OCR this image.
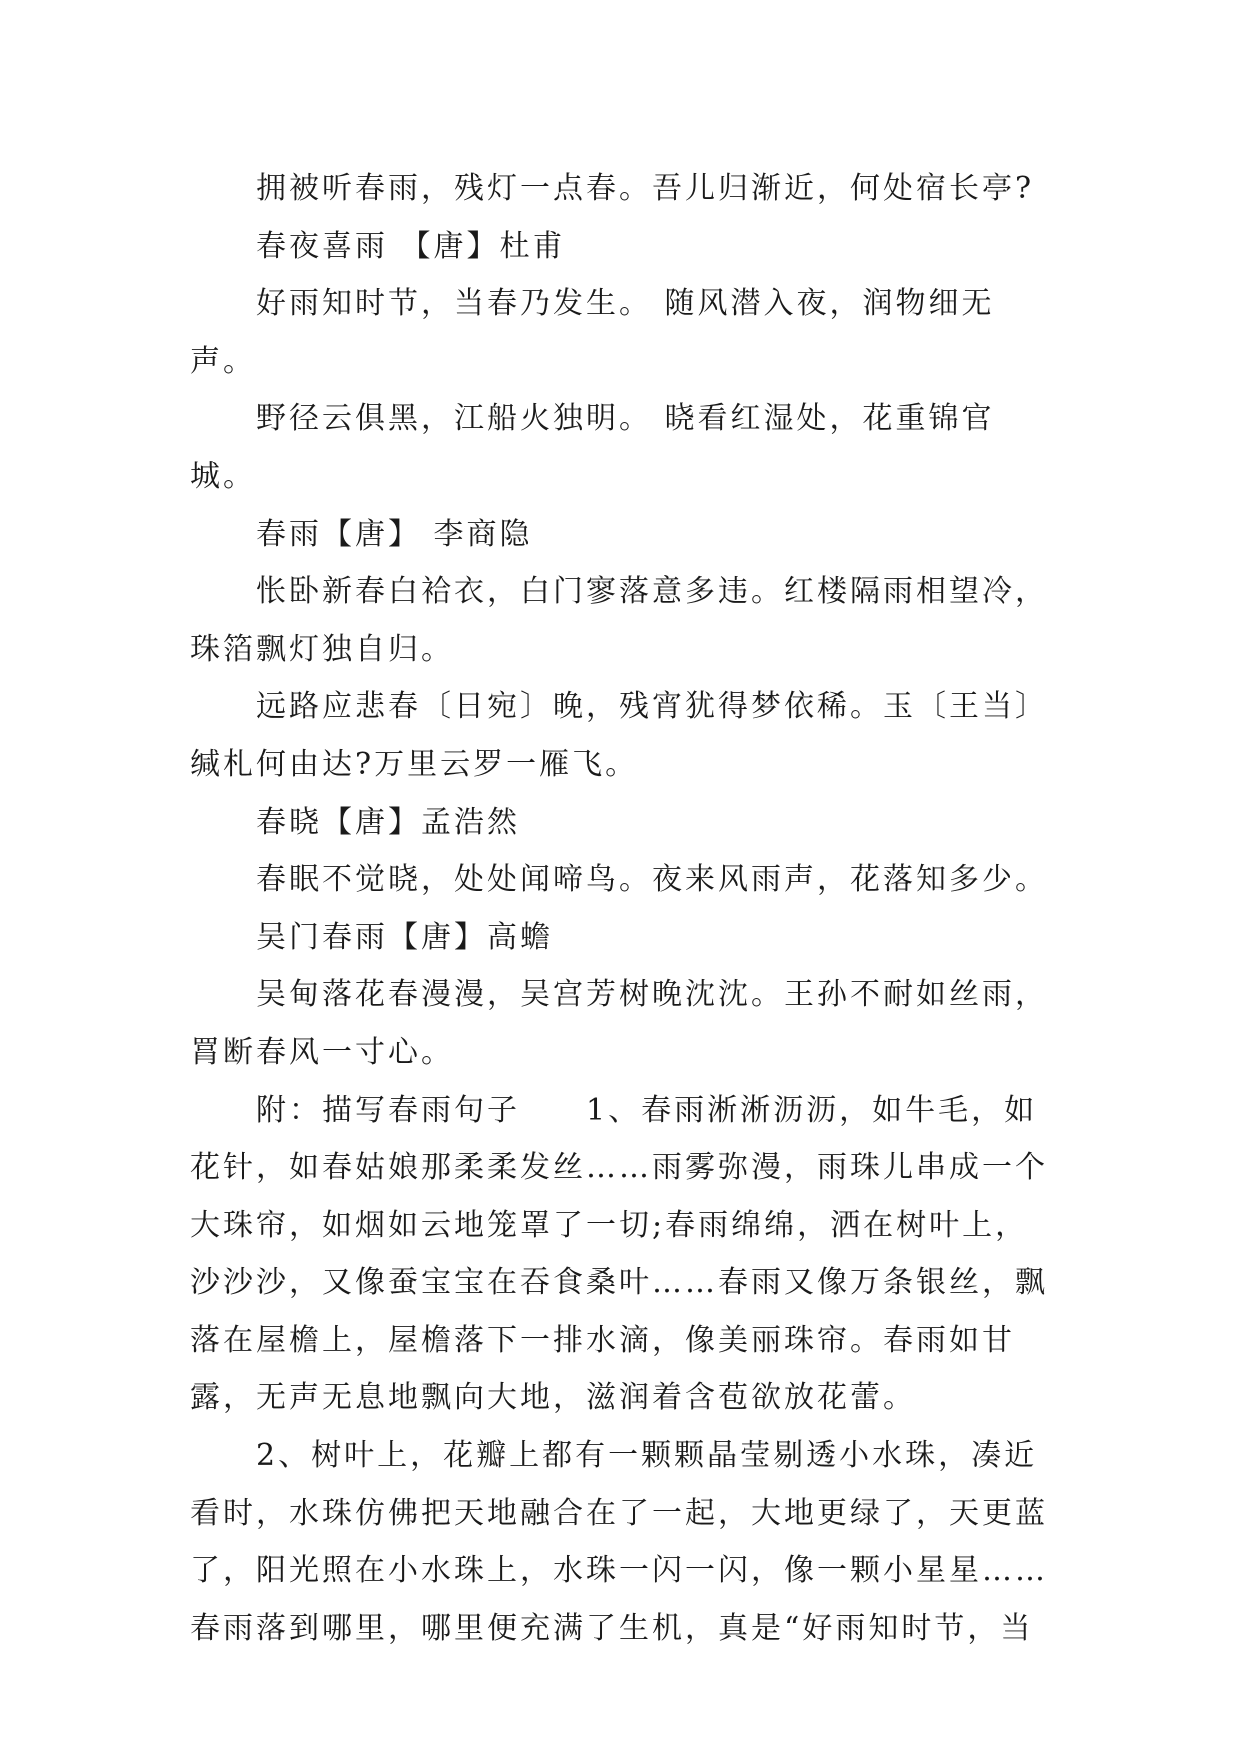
拥被听春雨，残灯一点春。吾儿归渐近，何处宿长亭?

春夜喜雨 【唐】杜甫

好雨知时节，当春乃发生。 随风潜入夜，润物细无声。

野径云俱黑，江船火独明。 晓看红湿处，花重锦官城。

春雨【唐】 李商隐

怅卧新春白袷衣，白门寥落意多违。红楼隔雨相望冷，珠箔飘灯独自归。

远路应悲春〔日宛〕晚，残宵犹得梦依稀。玉〔王当〕缄札何由达?万里云罗一雁飞。

春晓【唐】孟浩然

春眠不觉晓，处处闻啼鸟。夜来风雨声，花落知多少。

吴门春雨【唐】高蟾

吴甸落花春漫漫，吴宫芳树晚沈沈。王孙不耐如丝雨，罥断春风一寸心。

附：描写春雨句子　　1、春雨淅淅沥沥，如牛毛，如花针，如春姑娘那柔柔发丝……雨雾弥漫，雨珠儿串成一个大珠帘，如烟如云地笼罩了一切;春雨绵绵，洒在树叶上，沙沙沙，又像蚕宝宝在吞食桑叶……春雨又像万条银丝，飘落在屋檐上，屋檐落下一排水滴，像美丽珠帘。春雨如甘露，无声无息地飘向大地，滋润着含苞欲放花蕾。

2、树叶上，花瓣上都有一颗颗晶莹剔透小水珠，凑近看时，水珠仿佛把天地融合在了一起，大地更绿了，天更蓝了，阳光照在小水珠上，水珠一闪一闪，像一颗小星星……春雨落到哪里，哪里便充满了生机，真是“好雨知时节，当
